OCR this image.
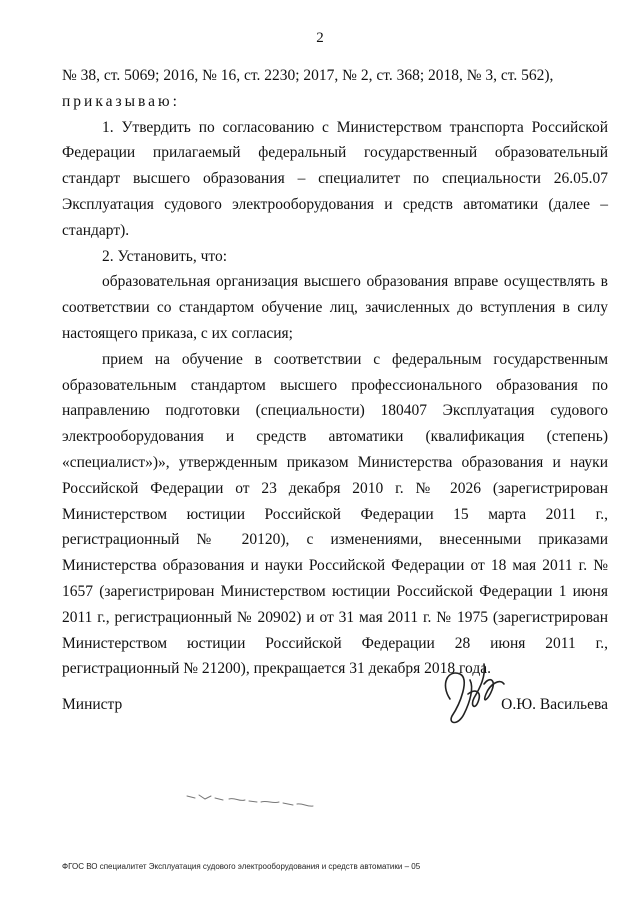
2

№ 38, ст. 5069; 2016, № 16, ст. 2230; 2017, № 2, ст. 368; 2018, № 3, ст. 562),

приказываю:

1. Утвердить по согласованию с Министерством транспорта Российской Федерации прилагаемый федеральный государственный образовательный стандарт высшего образования – специалитет по специальности 26.05.07 Эксплуатация судового электрооборудования и средств автоматики (далее – стандарт).

2. Установить, что:

образовательная организация высшего образования вправе осуществлять в соответствии со стандартом обучение лиц, зачисленных до вступления в силу настоящего приказа, с их согласия;

прием на обучение в соответствии с федеральным государственным образовательным стандартом высшего профессионального образования по направлению подготовки (специальности) 180407 Эксплуатация судового электрооборудования и средств автоматики (квалификация (степень) «специалист»)», утвержденным приказом Министерства образования и науки Российской Федерации от 23 декабря 2010 г. № 2026 (зарегистрирован Министерством юстиции Российской Федерации 15 марта 2011 г., регистрационный № 20120), с изменениями, внесенными приказами Министерства образования и науки Российской Федерации от 18 мая 2011 г. № 1657 (зарегистрирован Министерством юстиции Российской Федерации 1 июня 2011 г., регистрационный № 20902) и от 31 мая 2011 г. № 1975 (зарегистрирован Министерством юстиции Российской Федерации 28 июня 2011 г., регистрационный № 21200), прекращается 31 декабря 2018 года.

Министр	О.Ю. Васильева
ФГОС ВО специалитет Эксплуатация судового электрооборудования и средств автоматики – 05
